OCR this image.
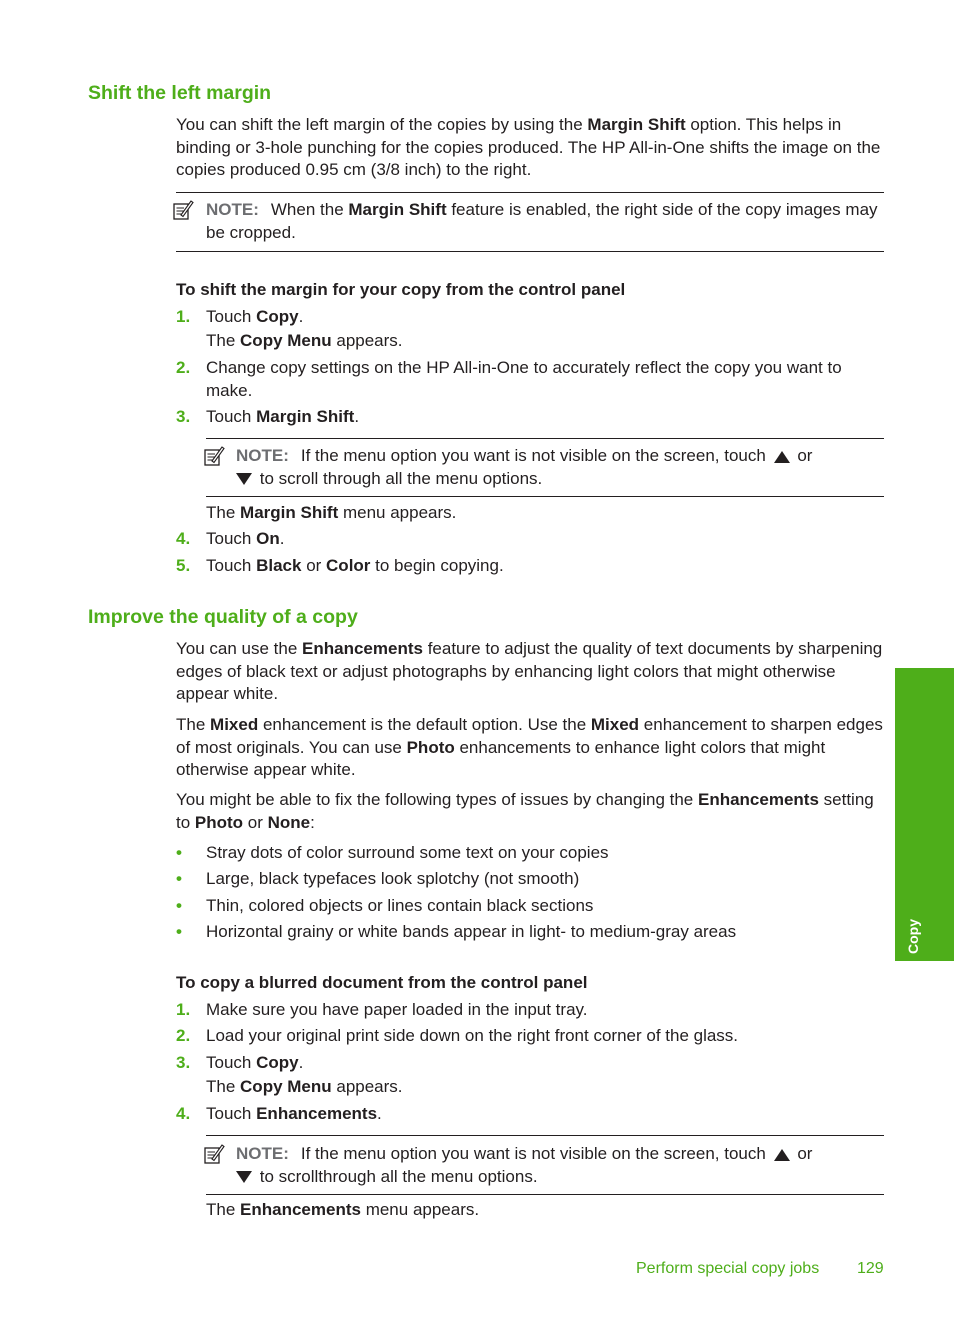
Shift the left margin

You can shift the left margin of the copies by using the Margin Shift option. This helps in binding or 3-hole punching for the copies produced. The HP All-in-One shifts the image on the copies produced 0.95 cm (3/8 inch) to the right.

NOTE: When the Margin Shift feature is enabled, the right side of the copy images may be cropped.

To shift the margin for your copy from the control panel

1. Touch Copy.

The Copy Menu appears.

2. Change copy settings on the HP All-in-One to accurately reflect the copy you want to make.

3. Touch Margin Shift.

NOTE: If the menu option you want is not visible on the screen, touch or
to scroll through all the menu options.

The Margin Shift menu appears.

4. Touch On.

5. Touch Black or Color to begin copying.

Improve the quality of a copy

You can use the Enhancements feature to adjust the quality of text documents by sharpening edges of black text or adjust photographs by enhancing light colors that might otherwise appear white.

The Mixed enhancement is the default option. Use the Mixed enhancement to sharpen edges of most originals. You can use Photo enhancements to enhance light colors that might otherwise appear white.

You might be able to fix the following types of issues by changing the Enhancements setting to Photo or None:

• Stray dots of color surround some text on your copies

• Large, black typefaces look splotchy (not smooth)

• Thin, colored objects or lines contain black sections

• Horizontal grainy or white bands appear in light- to medium-gray areas

To copy a blurred document from the control panel

1. Make sure you have paper loaded in the input tray.

2. Load your original print side down on the right front corner of the glass.

3. Touch Copy.

The Copy Menu appears.

4. Touch Enhancements.

NOTE: If the menu option you want is not visible on the screen, touch or
to scrollthrough all the menu options.

The Enhancements menu appears.

Copy
Perform special copy jobs 129
